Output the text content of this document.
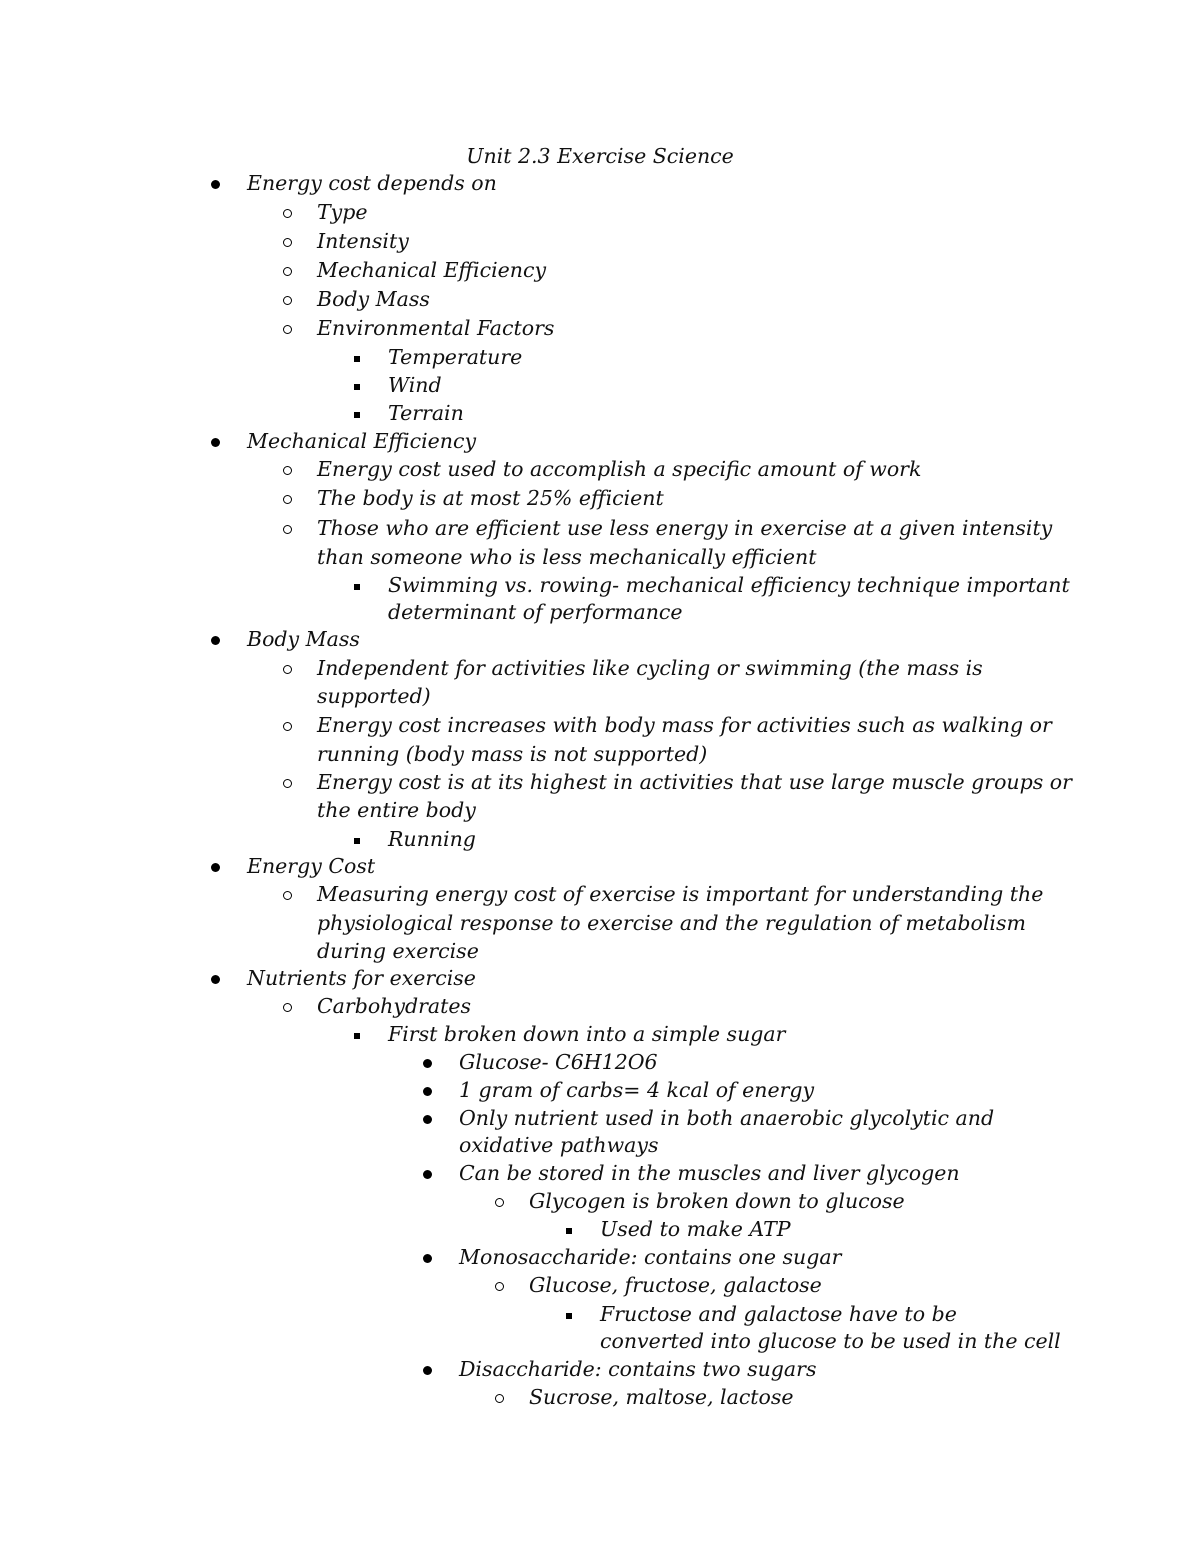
Unit 2.3 Exercise Science
Energy cost depends on
Type
Intensity
Mechanical Efficiency
Body Mass
Environmental Factors
Temperature
Wind
Terrain
Mechanical Efficiency
Energy cost used to accomplish a specific amount of work
The body is at most 25% efficient
Those who are efficient use less energy in exercise at a given intensity
than someone who is less mechanically efficient
Swimming vs. rowing- mechanical efficiency technique important
determinant of performance
Body Mass
Independent for activities like cycling or swimming (the mass is
supported)
Energy cost increases with body mass for activities such as walking or
running (body mass is not supported)
Energy cost is at its highest in activities that use large muscle groups or
the entire body
Running
Energy Cost
Measuring energy cost of exercise is important for understanding the
physiological response to exercise and the regulation of metabolism
during exercise
Nutrients for exercise
Carbohydrates
First broken down into a simple sugar
Glucose- C6H12O6
1 gram of carbs= 4 kcal of energy
Only nutrient used in both anaerobic glycolytic and
oxidative pathways
Can be stored in the muscles and liver glycogen
Glycogen is broken down to glucose
Used to make ATP
Monosaccharide: contains one sugar
Glucose, fructose, galactose
Fructose and galactose have to be
converted into glucose to be used in the cell
Disaccharide: contains two sugars
Sucrose, maltose, lactose
